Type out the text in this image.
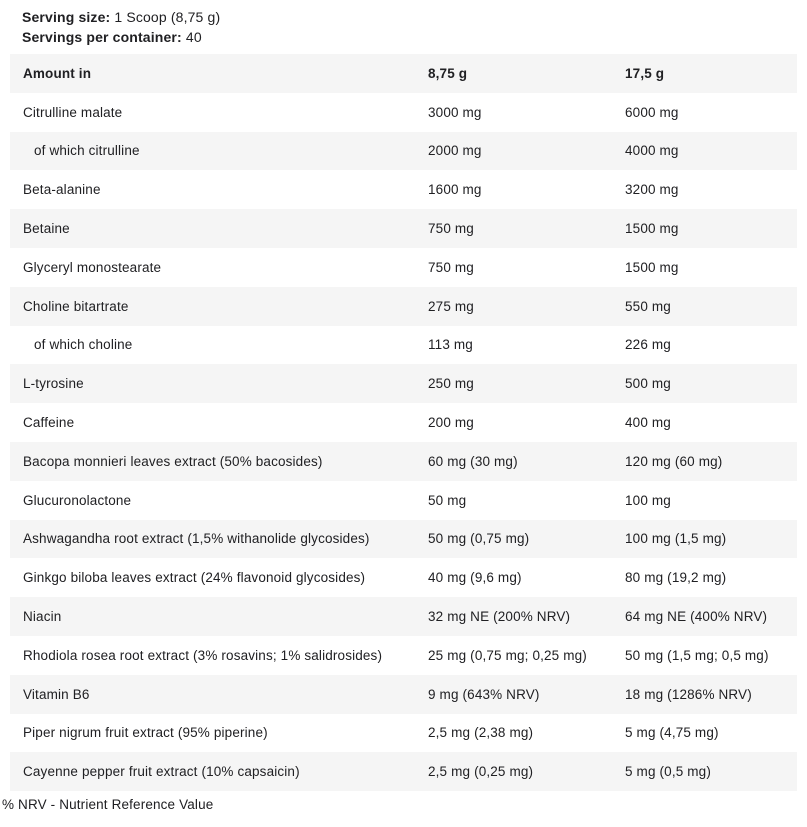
Serving size: 1 Scoop (8,75 g)
Servings per container: 40
Amount in	8,75 g	17,5 g
Citrulline malate	3000 mg	6000 mg
of which citrulline	2000 mg	4000 mg
Beta-alanine	1600 mg	3200 mg
Betaine	750 mg	1500 mg
Glyceryl monostearate	750 mg	1500 mg
Choline bitartrate	275 mg	550 mg
of which choline	113 mg	226 mg
L-tyrosine	250 mg	500 mg
Caffeine	200 mg	400 mg
Bacopa monnieri leaves extract (50% bacosides)	60 mg (30 mg)	120 mg (60 mg)
Glucuronolactone	50 mg	100 mg
Ashwagandha root extract (1,5% withanolide glycosides)	50 mg (0,75 mg)	100 mg (1,5 mg)
Ginkgo biloba leaves extract (24% flavonoid glycosides)	40 mg (9,6 mg)	80 mg (19,2 mg)
Niacin	32 mg NE (200% NRV)	64 mg NE (400% NRV)
Rhodiola rosea root extract (3% rosavins; 1% salidrosides)	25 mg (0,75 mg; 0,25 mg)	50 mg (1,5 mg; 0,5 mg)
Vitamin B6	9 mg (643% NRV)	18 mg (1286% NRV)
Piper nigrum fruit extract (95% piperine)	2,5 mg (2,38 mg)	5 mg (4,75 mg)
Cayenne pepper fruit extract (10% capsaicin)	2,5 mg (0,25 mg)	5 mg (0,5 mg)
% NRV - Nutrient Reference Value
